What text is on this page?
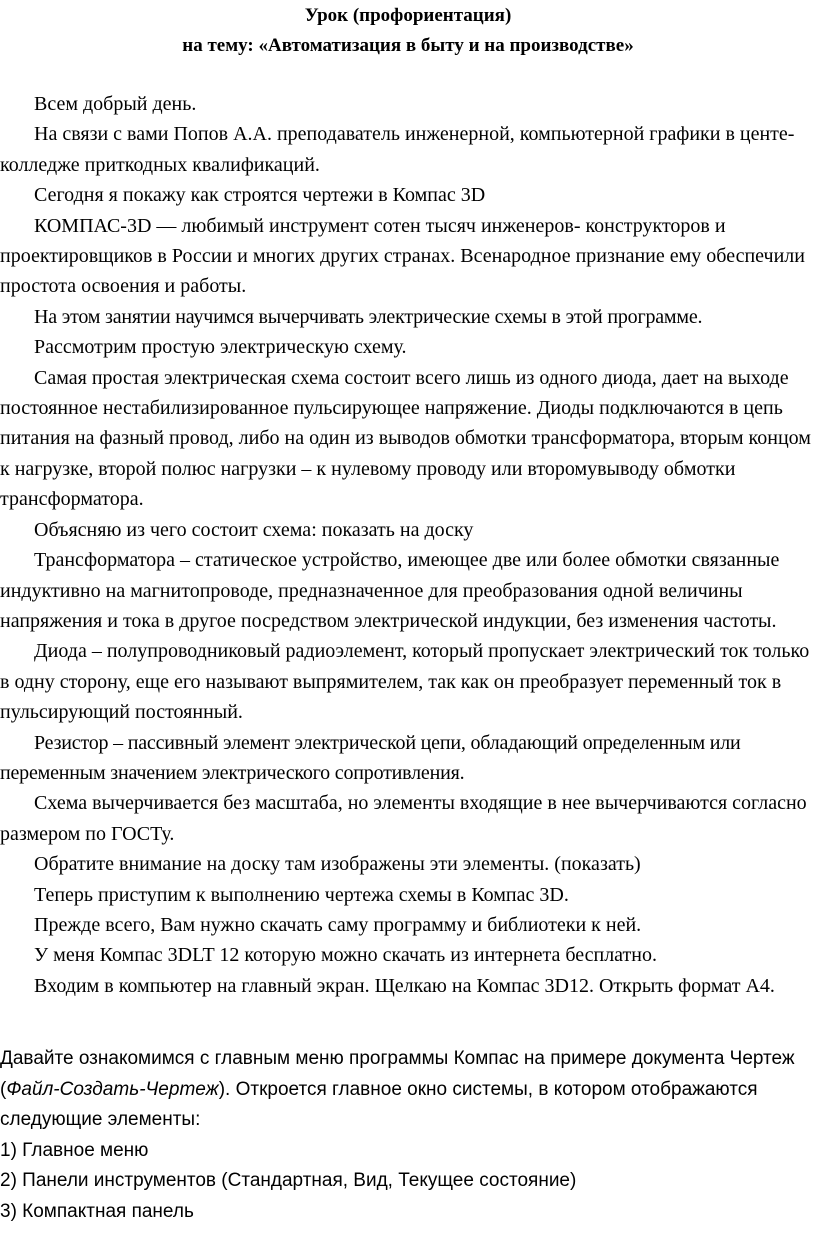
Урок (профориентация)

на тему: «Автоматизация в быту и на производстве»

Всем добрый день.

На связи с вами Попов А.А. преподаватель инженерной, компьютерной графики в центе-колледже приткодных квалификаций.

Сегодня я покажу как строятся чертежи в Компас 3D

КОМПАС-3D — любимый инструмент сотен тысяч инженеров- конструкторов и проектировщиков в России и многих других странах. Всенародное признание ему обеспечили простота освоения и работы.

На этом занятии научимся вычерчивать электрические схемы в этой программе.

Рассмотрим простую электрическую схему.

Самая простая электрическая схема состоит всего лишь из одного диода, дает на выходе постоянное нестабилизированное пульсирующее напряжение. Диоды подключаются в цепь питания на фазный провод, либо на один из выводов обмотки трансформатора, вторым концом к нагрузке, второй полюс нагрузки – к нулевому проводу или второмувыводу обмотки трансформатора.

Объясняю из чего состоит схема: показать на доску

Трансформатора – статическое устройство, имеющее две или более обмотки связанные индуктивно на магнитопроводе, предназначенное для преобразования одной величины напряжения и тока в другое посредством электрической индукции, без изменения частоты.

Диода – полупроводниковый радиоэлемент, который пропускает электрический ток только в одну сторону, еще его называют выпрямителем, так как он преобразует переменный ток в пульсирующий постоянный.

Резистор – пассивный элемент электрической цепи, обладающий определенным или переменным значением электрического сопротивления.

Схема вычерчивается без масштаба, но элементы входящие в нее вычерчиваются согласно размером по ГОСТу.

Обратите внимание на доску там изображены эти элементы. (показать)

Теперь приступим к выполнению чертежа схемы в Компас 3D.

Прежде всего, Вам нужно скачать саму программу и библиотеки к ней.

У меня Компас 3DLT 12 которую можно скачать из интернета бесплатно.

Входим в компьютер на главный экран. Щелкаю на Компас 3D12. Открыть формат А4.

Давайте ознакомимся с главным меню программы Компас на примере документа Чертеж (Файл-Создать-Чертеж). Откроется главное окно системы, в котором отображаются следующие элементы:

1) Главное меню

2) Панели инструментов (Стандартная, Вид, Текущее состояние)

3) Компактная панель
